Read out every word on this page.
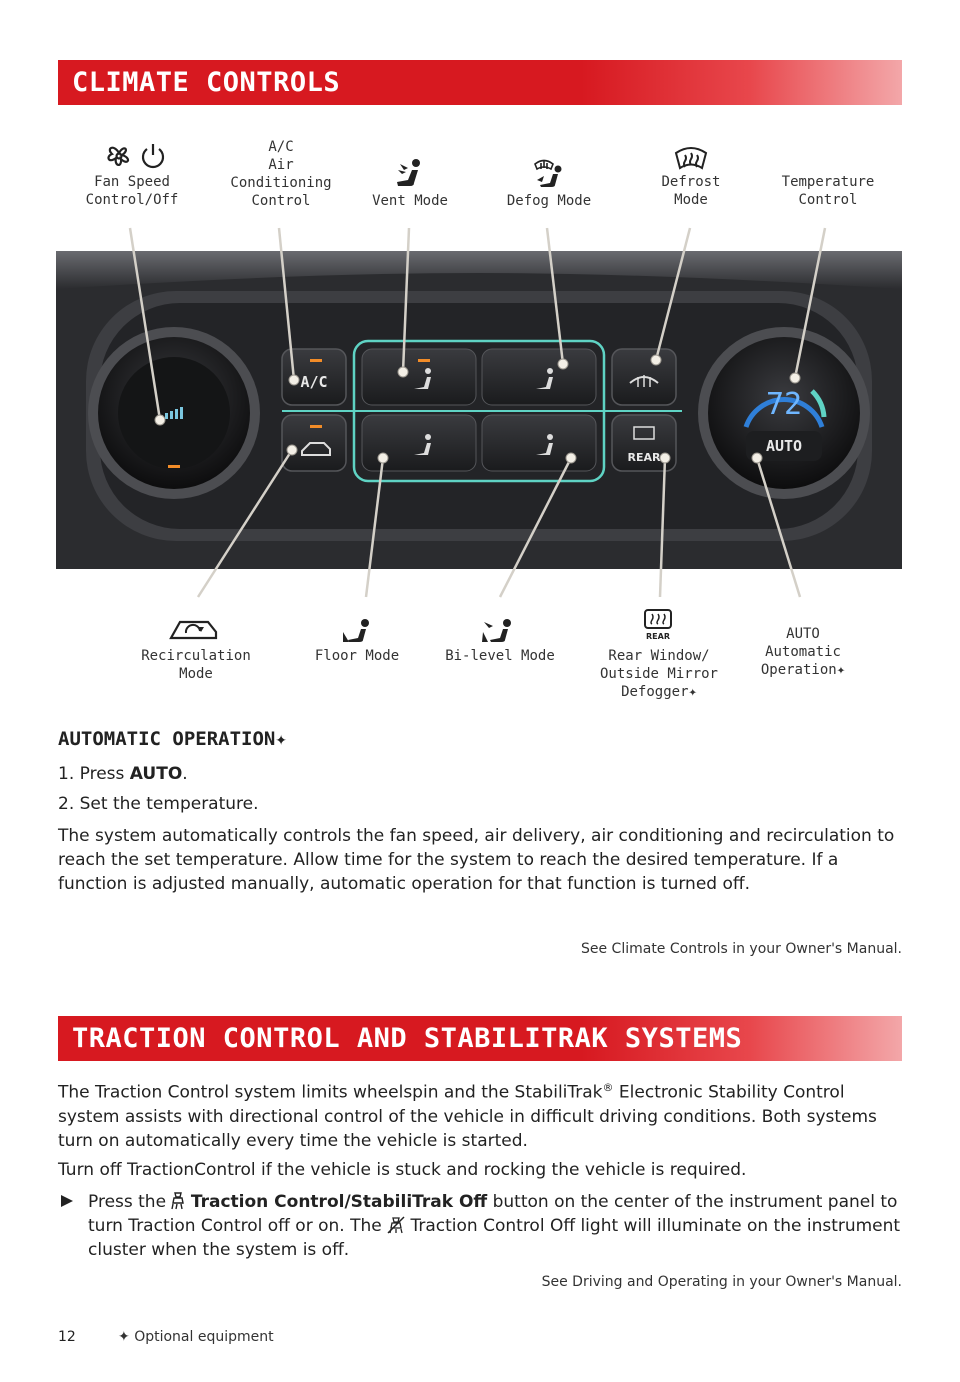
CLIMATE CONTROLS
Fan Speed
Control/Off
A/C
Air
Conditioning
Control	Vent Mode	Defog Mode
Defrost
Mode
Temperature
Control
A/C
REAR
72
AUTO
REAR
Recirculation
Mode
Floor Mode	Bi-level Mode	Rear Window/
Outside Mirror
Defogger✦
AUTO
Automatic
Operation✦
AUTOMATIC OPERATION✦
1. Press AUTO.
2. Set the temperature.
The system automatically controls the fan speed, air delivery, air conditioning and recirculation to reach the set temperature. Allow time for the system to reach the desired temperature. If a function is adjusted manually, automatic operation for that function is turned off.
See Climate Controls in your Owner's Manual.
TRACTION CONTROL AND STABILITRAK SYSTEMS
The Traction Control system limits wheelspin and the StabiliTrak® Electronic Stability Control system assists with directional control of the vehicle in difficult driving conditions. Both systems turn on automatically every time the vehicle is started.
Turn off TractionControl if the vehicle is stuck and rocking the vehicle is required.
Press the  Traction Control/StabiliTrak Off button on the center of the instrument panel to turn Traction Control off or on. The  Traction Control Off light will illuminate on the instrument cluster when the system is off.
See Driving and Operating in your Owner's Manual.
12	✦ Optional equipment
